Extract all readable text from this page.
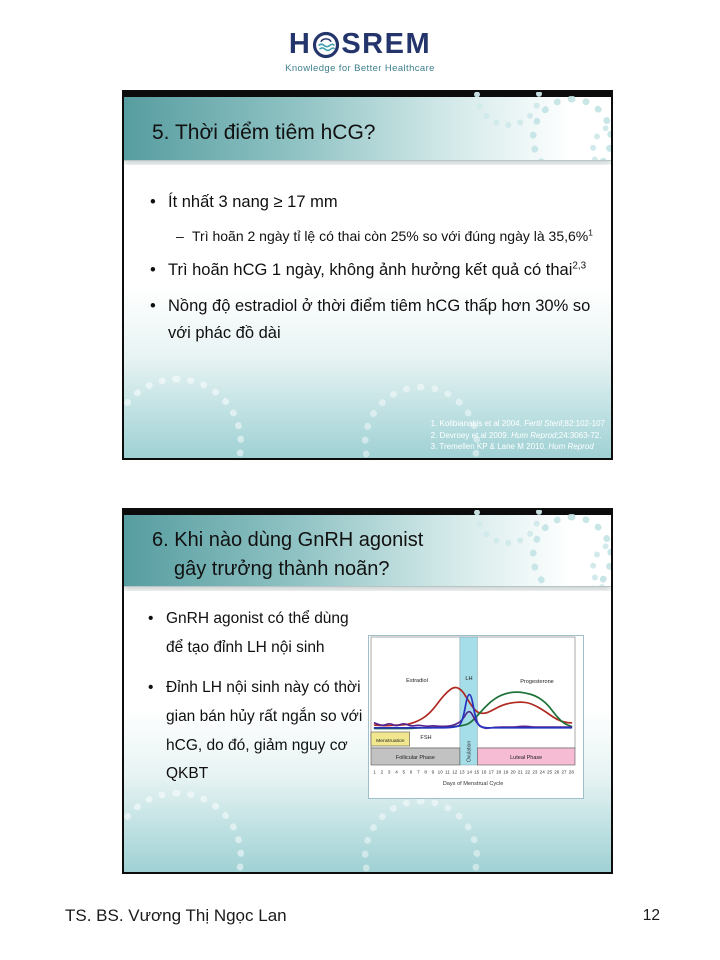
H SREM
Knowledge for Better Healthcare
5. Thời điểm tiêm hCG?
• Ít nhất 3 nang ≥ 17 mm
– Trì hoãn 2 ngày tỉ lệ có thai còn 25% so với đúng ngày là 35,6%$^1$
• Trì hoãn hCG 1 ngày, không ảnh hưởng kết quả có thai$^{2,3}$
• Nồng độ estradiol ở thời điểm tiêm hCG thấp hơn 30% so với phác đồ dài
1. Kolibianakis et al 2004. Fertil Steril;82:102-107
2. Devroey et al 2009. Hum Reprod;24:3063-72.
3. Tremellen KP & Lane M 2010. Hum Reprod
6. Khi nào dùng GnRH agonist
gây trưởng thành noãn?
• GnRH agonist có thể dùng để tạo đỉnh LH nội sinh
• Đỉnh LH nội sinh này có thời gian bán hủy rất ngắn so với hCG, do đó, giảm nguy cơ QKBT
Ovulation
Follicular Phase	Luteal Phase
Menstruation
Estradiol	Progesterone
FSH
LH
1 2 3 4 5 6 7 8 9 10 11 12 13 14 15 16 17 18 19 20 21 22 23 24 25 26 27 28
Days of Menstrual Cycle
TS. BS. Vương Thị Ngọc Lan	12
